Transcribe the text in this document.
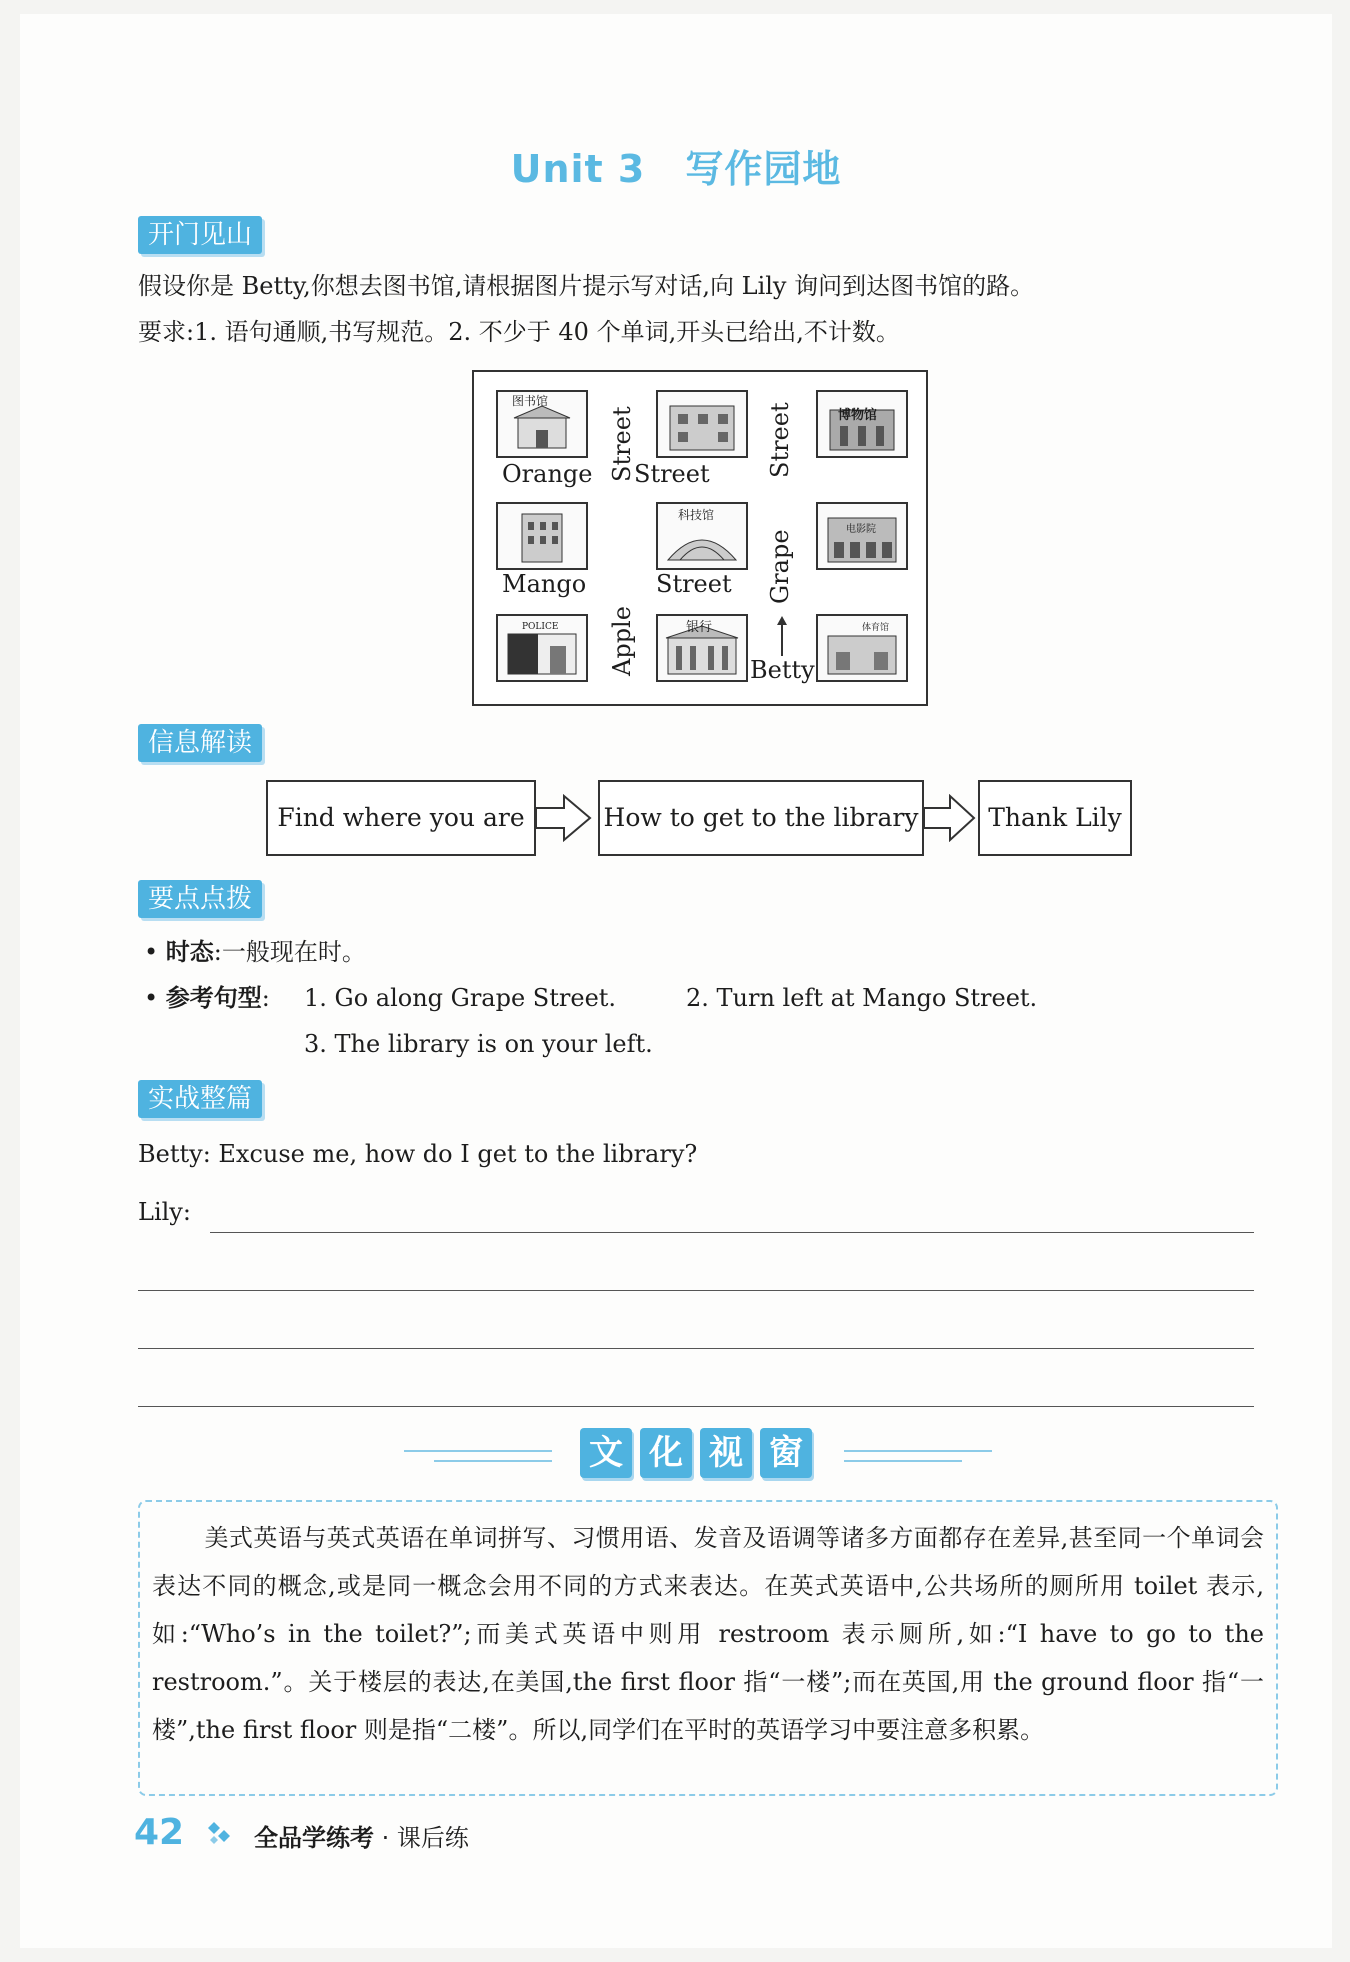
Unit 3 写作园地
开门见山
假设你是 Betty,你想去图书馆,请根据图片提示写对话,向 Lily 询问到达图书馆的路。
要求:1. 语句通顺,书写规范。2. 不少于 40 个单词,开头已给出,不计数。
图书馆
博物馆
Orange Street
Street	Street
科技馆
电影院
Mango	Street Grape
POLICE	银行	体育馆
Apple	Betty
信息解读
Find where you are	How to get to the library	Thank Lily
要点点拨
• 时态:一般现在时。
• 参考句型: 1. Go along Grape Street.	2. Turn left at Mango Street.
3. The library is on your left.
实战整篇
Betty: Excuse me, how do I get to the library?
Lily:
文 化 视 窗
美式英语与英式英语在单词拼写、习惯用语、发音及语调等诸多方面都存在差异,甚至同一个单词会表达不同的概念,或是同一概念会用不同的方式来表达。在英式英语中,公共场所的厕所用 toilet 表示,如:“Who’s in the toilet?”;而美式英语中则用 restroom 表示厕所,如:“I have to go to the restroom.”。关于楼层的表达,在美国,the first floor 指“一楼”;而在英国,用 the ground floor 指“一楼”,the first floor 则是指“二楼”。所以,同学们在平时的英语学习中要注意多积累。
42	全品学练考 · 课后练
